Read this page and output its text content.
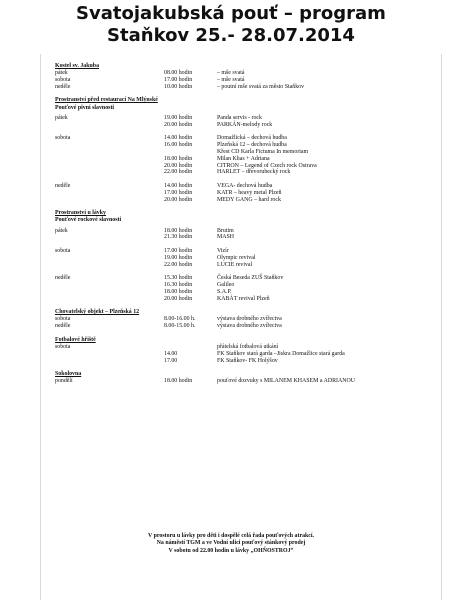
Svatojakubská pouť – program
Staňkov 25.- 28.07.2014
Kostel sv. Jakuba
pátek	08.00 hodin	– mše svatá
sobota	17.00 hodin	– mše svatá
neděle	10.00 hodin	– poutní mše svatá za město Staňkov
Prostranství před restaurací Na Mlýnské
Pouťové pivní slavnosti
pátek	19.00 hodin	Panda servis - rock
20.00 hodin	PARKÁN-melody rock
sobota	14.00 hodin	Domažlická – dechová hudba
16.00 hodin	Plzeňská 12 – dechová hudba
Křest CD Karla Fictuma In memoriam
18.00 hodin	Milan Khas + Adriana
20.00 hodin	CITRON – Legend of Czech rock Ostrava
22.00 hodin	HARLET – dřevorubecký rock
neděle	14.00 hodin	VEGA- dechová hudba
17.00 hodin	KATR – heavy metal Plzeň
20.00 hodin	MEDY GANG – hard rock
Prostranství u lávky
Pouťové rockové slavnosti
pátek	18.00 hodin	Brutim
21.30 hodin	MASH
sobota	17.00 hodin	Vizír
19.00 hodin	Olympic revival
22.00 hodin	LUCIE revival
neděle	15.30 hodin	Česká Beseda ZUŠ Staňkov
16.30 hodin	Galileo
18.00 hodin	S.A.P.
20.00 hodin	KABÁT revival Plzeň
Chovatelský objekt – Plzeňská 12
sobota	8.00-16.00 h.	výstava drobného zvířectva
neděle	8.00-15.00 h.	výstava drobného zvířectva
Fotbalové hřiště
sobota	přátelská fotbalová utkání
14.00	FK Staňkov stará garda –Jiskra Domažlice stará garda
17.00	FK Staňkov- FK Holýšov
Sokolovna
pondělí	18.00 hodin	pouťové dozvuky s MILANEM KHASEM a ADRIANOU
V prostoru u lávky pro děti i dospělé celá řada pouťových atrakcí.
Na náměstí TGM a ve Vodní ulici pouťový stánkový prodej
V sobotu od 22.00 hodin u lávky „OHŇOSTROJ“
